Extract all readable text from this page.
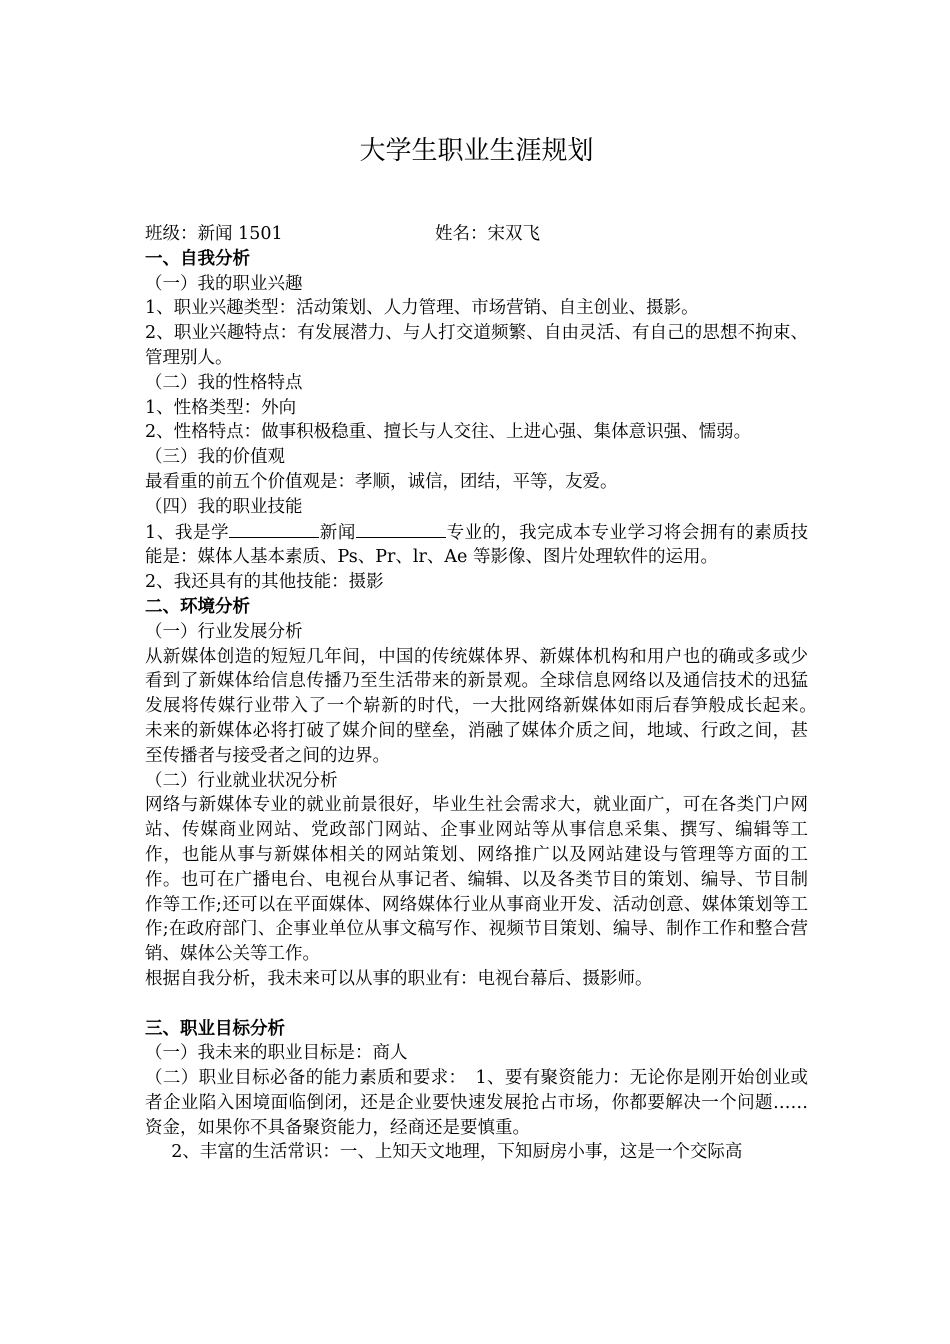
大学生职业生涯规划

班级：新闻 1501	姓名：宋双飞

一、自我分析

（一）我的职业兴趣

1、职业兴趣类型：活动策划、人力管理、市场营销、自主创业、摄影。

2、职业兴趣特点：有发展潜力、与人打交道频繁、自由灵活、有自己的思想不拘束、管理别人。

（二）我的性格特点

1、性格类型：外向

2、性格特点：做事积极稳重、擅长与人交往、上进心强、集体意识强、懦弱。

（三）我的价值观

最看重的前五个价值观是：孝顺，诚信，团结，平等，友爱。

（四）我的职业技能

1、我是学	新闻	专业的，我完成本专业学习将会拥有的素质技能是：媒体人基本素质、Ps、Pr、lr、Ae 等影像、图片处理软件的运用。

2、我还具有的其他技能：摄影

二、环境分析

（一）行业发展分析

从新媒体创造的短短几年间，中国的传统媒体界、新媒体机构和用户也的确或多或少看到了新媒体给信息传播乃至生活带来的新景观。全球信息网络以及通信技术的迅猛发展将传媒行业带入了一个崭新的时代，一大批网络新媒体如雨后春笋般成长起来。　未来的新媒体必将打破了媒介间的壁垒，消融了媒体介质之间，地域、行政之间，甚至传播者与接受者之间的边界。

（二）行业就业状况分析

网络与新媒体专业的就业前景很好，毕业生社会需求大，就业面广，可在各类门户网站、传媒商业网站、党政部门网站、企事业网站等从事信息采集、撰写、编辑等工作，也能从事与新媒体相关的网站策划、网络推广以及网站建设与管理等方面的工作。也可在广播电台、电视台从事记者、编辑、以及各类节目的策划、编导、节目制作等工作;还可以在平面媒体、网络媒体行业从事商业开发、活动创意、媒体策划等工作;在政府部门、企事业单位从事文稿写作、视频节目策划、编导、制作工作和整合营销、媒体公关等工作。

根据自我分析，我未来可以从事的职业有：电视台幕后、摄影师。

三、职业目标分析

（一）我未来的职业目标是：商人

（二）职业目标必备的能力素质和要求：　1、要有聚资能力：无论你是刚开始创业或者企业陷入困境面临倒闭，还是企业要快速发展抢占市场，你都要解决一个问题……资金，如果你不具备聚资能力，经商还是要慎重。

2、丰富的生活常识：一、上知天文地理，下知厨房小事，这是一个交际高
